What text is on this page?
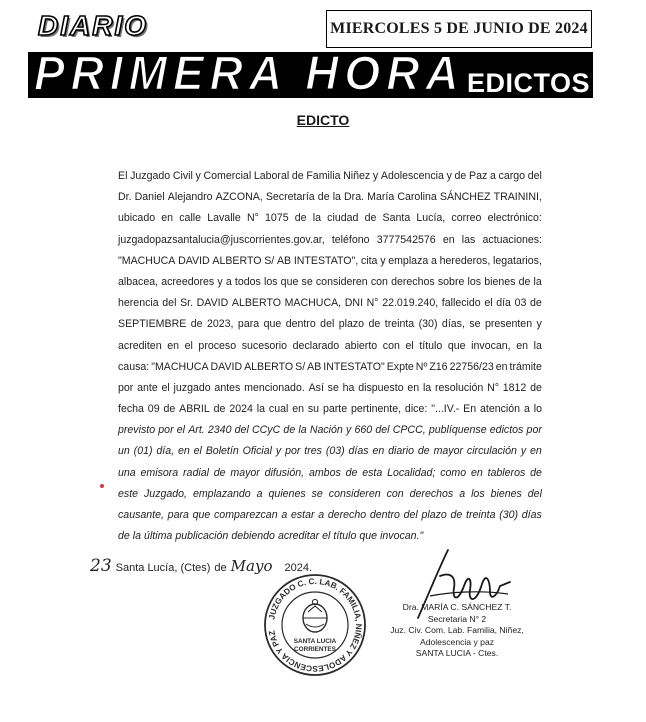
DIARIO
PRIMERA HORA
MIERCOLES 5 DE JUNIO DE 2024
EDICTOS
EDICTO
El Juzgado Civil y Comercial Laboral de Familia Niñez y Adolescencia y de Paz a cargo del
Dr. Daniel Alejandro AZCONA, Secretaría de la Dra. María Carolina SÁNCHEZ TRAININI,
ubicado en calle Lavalle N° 1075 de la ciudad de Santa Lucía, correo electrónico:
juzgadopazsantalucia@juscorrientes.gov.ar, teléfono 3777542576 en las actuaciones:
"MACHUCA DAVID ALBERTO S/ AB INTESTATO", cita y emplaza a herederos, legatarios,
albacea, acreedores y a todos los que se consideren con derechos sobre los bienes de la
herencia del Sr. DAVID ALBERTO MACHUCA, DNI N° 22.019.240, fallecido el día 03 de
SEPTIEMBRE de 2023, para que dentro del plazo de treinta (30) días, se presenten y
acrediten en el proceso sucesorio declarado abierto con el título que invocan, en la
causa: "MACHUCA DAVID ALBERTO S/ AB INTESTATO" Expte Nº Z16 22756/23 en trámite
por ante el juzgado antes mencionado. Así se ha dispuesto en la resolución N° 1812 de
fecha 09 de ABRIL de 2024 la cual en su parte pertinente, dice: "...IV.- En atención a lo
previsto por el Art. 2340 del CCyC de la Nación y 660 del CPCC, publíquense edictos por
un (01) día, en el Boletín Oficial y por tres (03) días en diario de mayor circulación y en
una emisora radial de mayor difusión, ambos de esta Localidad; como en tableros de
este Juzgado, emplazando a quienes se consideren con derechos a los bienes del
causante, para que comparezcan a estar a derecho dentro del plazo de treinta (30) días
de la última publicación debiendo acreditar el título que invocan."
23 Santa Lucía, (Ctes) de Mayo 2024.
JUZGADO C. C. LAB. FAMILIA, NIÑEZ Y ADOLESCENCIA Y PAZ
SANTA LUCIA
CORRIENTES
Dra. MARÍA C. SÁNCHEZ T.
Secretaria N° 2
Juz. Civ. Com. Lab. Familia, Niñez,
Adolescencia y paz
SANTA LUCIA - Ctes.
